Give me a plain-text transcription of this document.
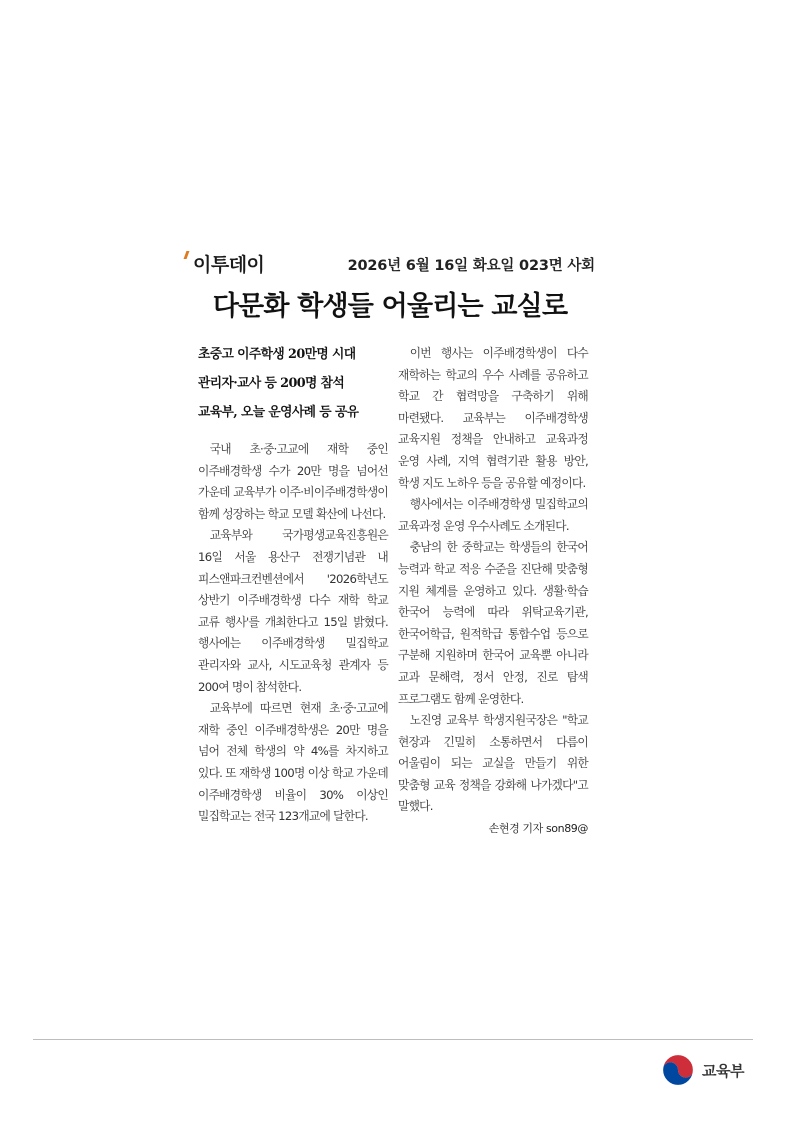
이투데이	2026년 6월 16일 화요일 023면 사회
다문화 학생들 어울리는 교실로
초중고 이주학생 20만명 시대
관리자·교사 등 200명 참석
교육부, 오늘 운영사례 등 공유

국내 초·중·고교에 재학 중인 이주배경학생 수가 20만 명을 넘어선 가운데 교육부가 이주·비이주배경학생이 함께 성장하는 학교 모델 확산에 나선다.

교육부와 국가평생교육진흥원은 16일 서울 용산구 전쟁기념관 내 피스앤파크컨벤션에서 '2026학년도 상반기 이주배경학생 다수 재학 학교 교류 행사'를 개최한다고 15일 밝혔다. 행사에는 이주배경학생 밀집학교 관리자와 교사, 시도교육청 관계자 등 200여 명이 참석한다.

교육부에 따르면 현재 초·중·고교에 재학 중인 이주배경학생은 20만 명을 넘어 전체 학생의 약 4%를 차지하고 있다. 또 재학생 100명 이상 학교 가운데 이주배경학생 비율이 30% 이상인 밀집학교는 전국 123개교에 달한다.

이번 행사는 이주배경학생이 다수 재학하는 학교의 우수 사례를 공유하고 학교 간 협력망을 구축하기 위해 마련됐다. 교육부는 이주배경학생 교육지원 정책을 안내하고 교육과정 운영 사례, 지역 협력기관 활용 방안, 학생 지도 노하우 등을 공유할 예정이다.

행사에서는 이주배경학생 밀집학교의 교육과정 운영 우수사례도 소개된다.

충남의 한 중학교는 학생들의 한국어 능력과 학교 적응 수준을 진단해 맞춤형 지원 체계를 운영하고 있다. 생활·학습 한국어 능력에 따라 위탁교육기관, 한국어학급, 원적학급 통합수업 등으로 구분해 지원하며 한국어 교육뿐 아니라 교과 문해력, 정서 안정, 진로 탐색 프로그램도 함께 운영한다.

노진영 교육부 학생지원국장은 "학교 현장과 긴밀히 소통하면서 다름이 어울림이 되는 교실을 만들기 위한 맞춤형 교육 정책을 강화해 나가겠다"고 말했다.

손현경 기자 son89@
교육부
